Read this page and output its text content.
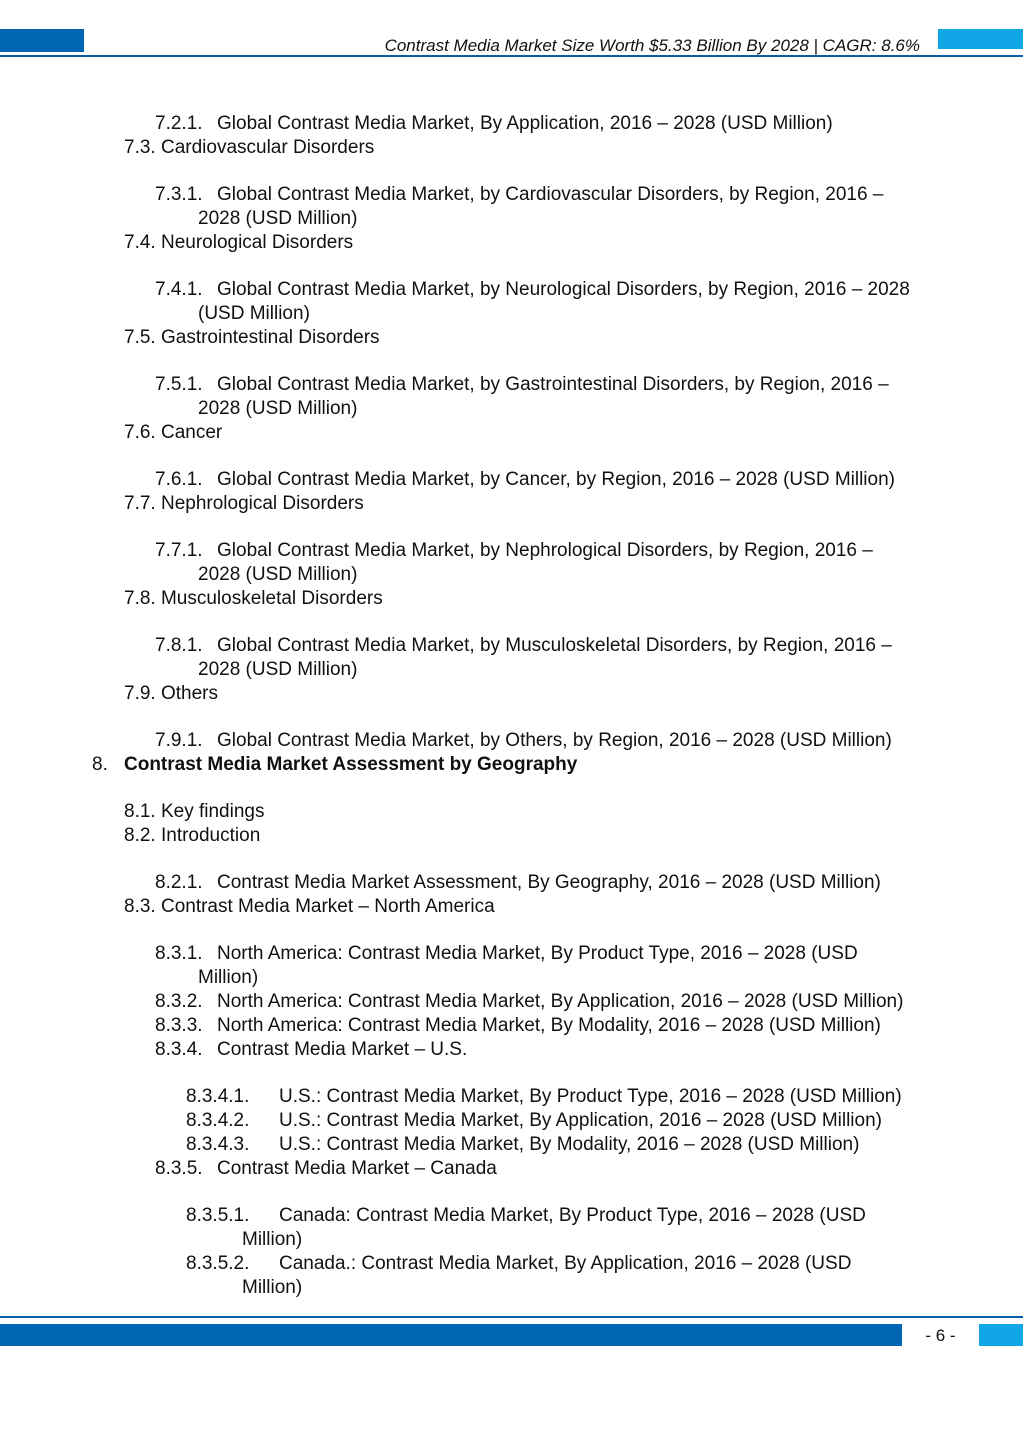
Contrast Media Market Size Worth $5.33 Billion By 2028 | CAGR: 8.6%
7.2.1. Global Contrast Media Market, By Application, 2016 – 2028 (USD Million)
7.3. Cardiovascular Disorders
7.3.1. Global Contrast Media Market, by Cardiovascular Disorders, by Region, 2016 –
2028 (USD Million)
7.4. Neurological Disorders
7.4.1. Global Contrast Media Market, by Neurological Disorders, by Region, 2016 – 2028
(USD Million)
7.5. Gastrointestinal Disorders
7.5.1. Global Contrast Media Market, by Gastrointestinal Disorders, by Region, 2016 –
2028 (USD Million)
7.6. Cancer
7.6.1. Global Contrast Media Market, by Cancer, by Region, 2016 – 2028 (USD Million)
7.7. Nephrological Disorders
7.7.1. Global Contrast Media Market, by Nephrological Disorders, by Region, 2016 –
2028 (USD Million)
7.8. Musculoskeletal Disorders
7.8.1. Global Contrast Media Market, by Musculoskeletal Disorders, by Region, 2016 –
2028 (USD Million)
7.9. Others
7.9.1. Global Contrast Media Market, by Others, by Region, 2016 – 2028 (USD Million)
8. Contrast Media Market Assessment by Geography
8.1. Key findings
8.2. Introduction
8.2.1. Contrast Media Market Assessment, By Geography, 2016 – 2028 (USD Million)
8.3. Contrast Media Market – North America
8.3.1. North America: Contrast Media Market, By Product Type, 2016 – 2028 (USD
Million)
8.3.2. North America: Contrast Media Market, By Application, 2016 – 2028 (USD Million)
8.3.3. North America: Contrast Media Market, By Modality, 2016 – 2028 (USD Million)
8.3.4. Contrast Media Market – U.S.
8.3.4.1. U.S.: Contrast Media Market, By Product Type, 2016 – 2028 (USD Million)
8.3.4.2. U.S.: Contrast Media Market, By Application, 2016 – 2028 (USD Million)
8.3.4.3. U.S.: Contrast Media Market, By Modality, 2016 – 2028 (USD Million)
8.3.5. Contrast Media Market – Canada
8.3.5.1. Canada: Contrast Media Market, By Product Type, 2016 – 2028 (USD
Million)
8.3.5.2. Canada.: Contrast Media Market, By Application, 2016 – 2028 (USD
Million)
- 6 -
